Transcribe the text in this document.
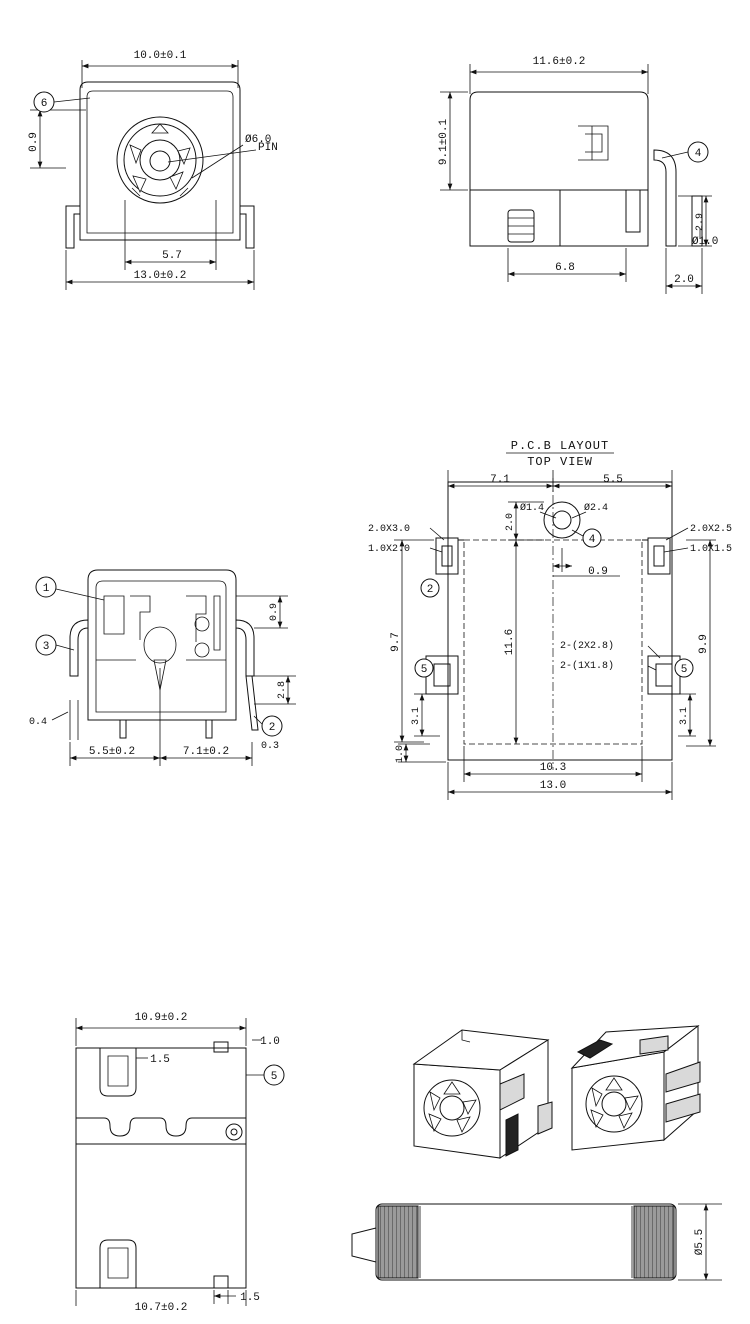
10.0±0.1
13.0±0.2
5.7
0.9
6
Ø6.0
PIN
11.6±0.2
9.1±0.1
6.8
2.0
2.9
Ø1.0
4
1
3
2
0.9
2.8
0.3
0.4
5.5±0.2	7.1±0.2
P.C.B LAYOUT
TOP VIEW
7.1	5.5
Ø1.4	Ø2.4
4
2.0
0.9
2.0X3.0
1.0X2.0
2.0X2.5
1.0X1.5
2-(2X2.8)
2-(1X1.8)
2
5	5
9.7	9.9
11.6
3.1	3.1
1.0
10.3
13.0
10.9±0.2
1.0
1.5
5
1.5
10.7±0.2
Ø5.5
